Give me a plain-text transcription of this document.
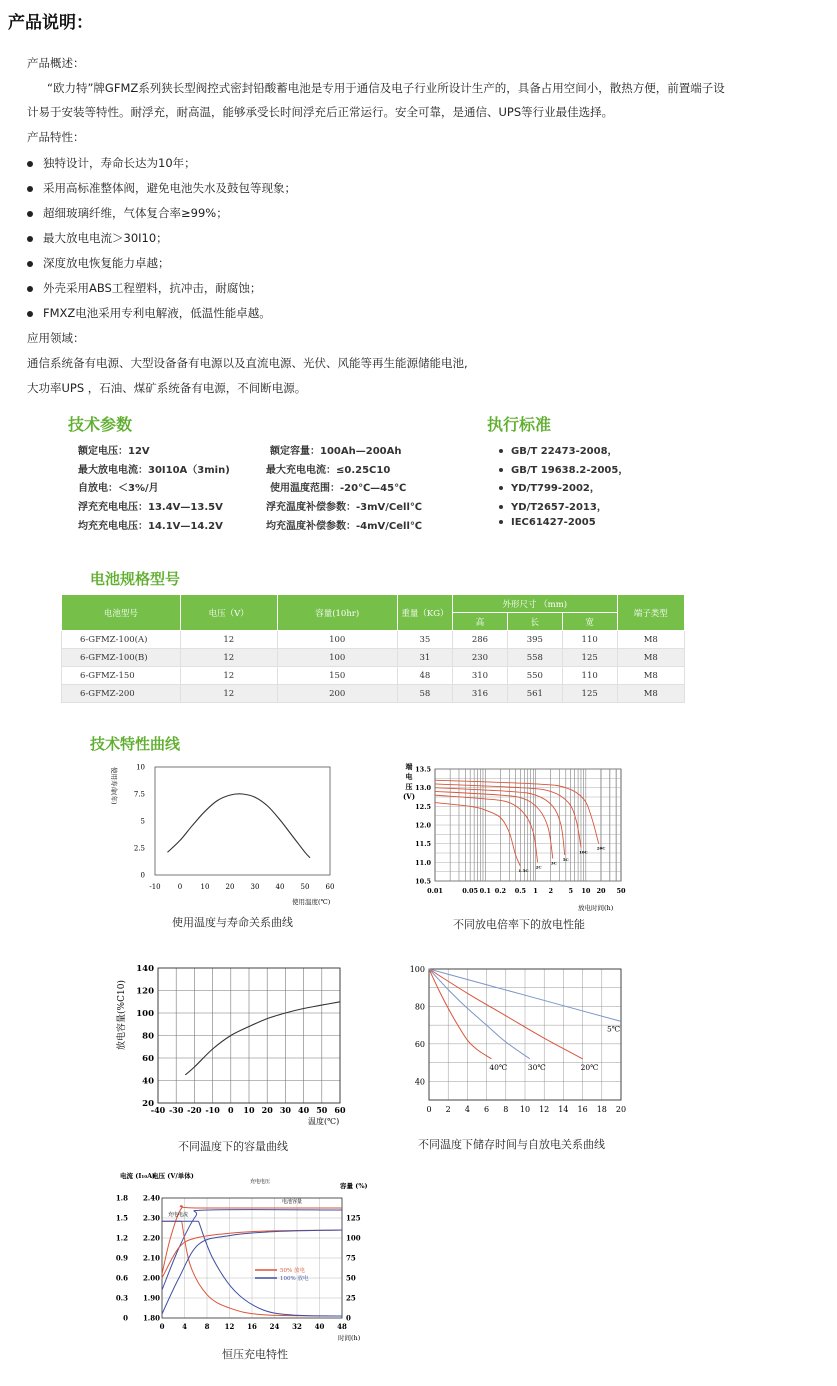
产品说明：
产品概述：
“欧力特”牌GFMZ系列狭长型阀控式密封铅酸蓄电池是专用于通信及电子行业所设计生产的，具备占用空间小，散热方便，前置端子设
计易于安装等特性。耐浮充，耐高温，能够承受长时间浮充后正常运行。安全可靠，是通信、UPS等行业最佳选择。
产品特性：
独特设计，寿命长达为10年；
采用高标准整体阀，避免电池失水及鼓包等现象；
超细玻璃纤维，气体复合率≥99%；
最大放电电流＞30I10；
深度放电恢复能力卓越；
外壳采用ABS工程塑料，抗冲击，耐腐蚀；
FMXZ电池采用专利电解液，低温性能卓越。
应用领域：
通信系统备有电源、大型设备备有电源以及直流电源、光伏、风能等再生能源储能电池,
大功率UPS ，石油、煤矿系统备有电源，不间断电源。
技术参数
额定电压：12V
最大放电电流：30I10A（3min)
自放电：＜3%/月
浮充充电电压：13.4V—13.5V
均充充电电压：14.1V—14.2V
额定容量：100Ah—200Ah
最大充电电流：≤0.25C10
使用温度范围：-20℃—45℃
浮充温度补偿参数：-3mV/Cell℃
均充温度补偿参数：-4mV/Cell℃
执行标准
GB/T 22473-2008，
GB/T 19638.2-2005，
YD/T799-2002，
YD/T2657-2013，
IEC61427-2005
电池规格型号
电池型号	电压（V）	容量(10hr)	重量（KG）	外形尺寸 （mm)			端子类型
				高	长	宽	
6-GFMZ-100(A)	12	100	35	286	395	110	M8
6-GFMZ-100(B)	12	100	31	230	558	125	M8
6-GFMZ-150	12	150	48	310	550	110	M8
6-GFMZ-200	12	200	58	316	561	125	M8
技术特性曲线
-10 0	10 20 30 40 50 60
0
2.5
5
7.5
10
使用寿命(年)
使用温度(℃)
使用温度与寿命关系曲线
1.5C
2C
3C
5C
10C
20C
0.01	0.05 0.1 0.2 0.5 1 2 5 10 20 50
10.5
11.0
11.5
12.0
12.5
13.0
13.5
端
电
压
(V)
放电时间(h)
不同放电倍率下的放电性能
-40 -30 -20 -10 0 10 20 30 40 50 60
20
40
60
80
100
120
140
放电容量(%C10)
温度(℃)
不同温度下的容量曲线
0 2 4 6 8 10 12 14 16 18 20
40
60
80
100
40℃	30℃	20℃
5℃
不同温度下储存时间与自放电关系曲线
0	4	8 12 16 24 32 40 48
0
0.3
0.6
0.9
1.2
1.5
1.8
1.80
1.90
2.00
2.10
2.20
2.30
2.40
0
25
50
75
100
125
电流 (I₁₀A)
电压 (V/单体)
容量 (%)
时间(h)
充电电压
充电电流
电池容量
50% 放电
100% 放电
恒压充电特性
